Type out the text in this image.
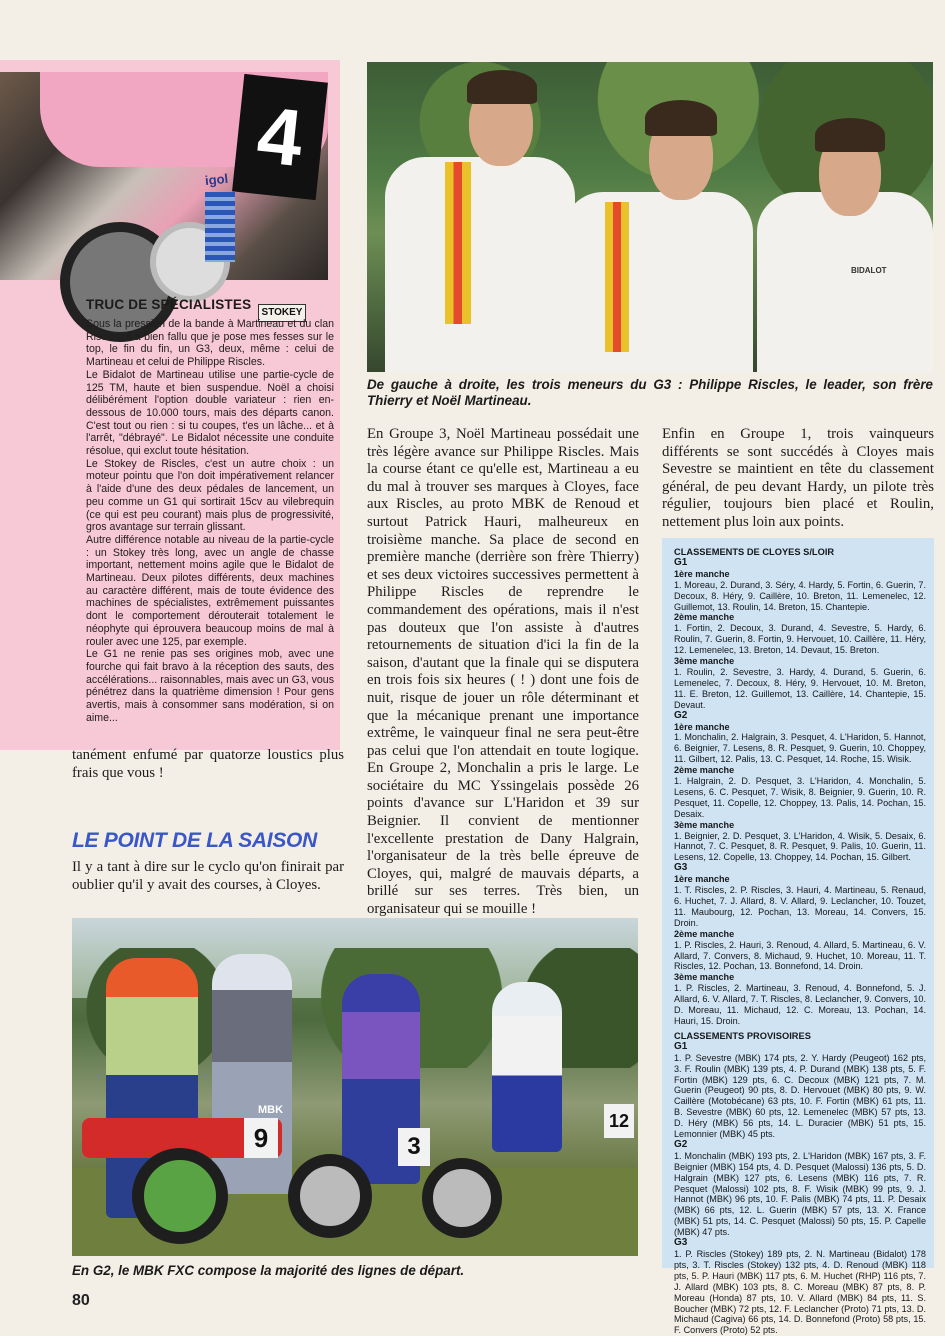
4
igol
STOKEY
TRUC DE SPÉCIALISTES

Sous la pression de la bande à Martineau et du clan Riscles, il a bien fallu que je pose mes fesses sur le top, le fin du fin, un G3, deux, même : celui de Martineau et celui de Philippe Riscles.

Le Bidalot de Martineau utilise une partie-cycle de 125 TM, haute et bien suspendue. Noël a choisi délibérément l'option double variateur : rien en-dessous de 10.000 tours, mais des départs canon. C'est tout ou rien : si tu coupes, t'es un lâche... et à l'arrêt, "débrayé". Le Bidalot nécessite une conduite résolue, qui exclut toute hésitation.

Le Stokey de Riscles, c'est un autre choix : un moteur pointu que l'on doit impérativement relancer à l'aide d'une des deux pédales de lancement, un peu comme un G1 qui sortirait 15cv au vilebrequin (ce qui est peu courant) mais plus de progressivité, gros avantage sur terrain glissant.

Autre différence notable au niveau de la partie-cycle : un Stokey très long, avec un angle de chasse important, nettement moins agile que le Bidalot de Martineau. Deux pilotes différents, deux machines au caractère différent, mais de toute évidence des machines de spécialistes, extrêmement puissantes dont le comportement dérouterait totalement le néophyte qui éprouvera beaucoup moins de mal à rouler avec une 125, par exemple.

Le G1 ne renie pas ses origines mob, avec une fourche qui fait bravo à la réception des sauts, des accélérations... raisonnables, mais avec un G3, vous pénétrez dans la quatrième dimension ! Pour gens avertis, mais à consommer sans modération, si on aime...

BIDALOT
De gauche à droite, les trois meneurs du G3 : Philippe Riscles, le leader, son frère Thierry et Noël Martineau.
tanément enfumé par quatorze loustics plus frais que vous !
LE POINT DE LA SAISON
Il y a tant à dire sur le cyclo qu'on finirait par oublier qu'il y avait des courses, à Cloyes.
En Groupe 3, Noël Martineau possédait une très légère avance sur Philippe Riscles. Mais la course étant ce qu'elle est, Martineau a eu du mal à trouver ses marques à Cloyes, face aux Riscles, au proto MBK de Renoud et surtout Patrick Hauri, malheureux en troisième manche. Sa place de second en première manche (derrière son frère Thierry) et ses deux victoires successives permettent à Philippe Riscles de reprendre le commandement des opérations, mais il n'est pas douteux que l'on assiste à d'autres retournements de situation d'ici la fin de la saison, d'autant que la finale qui se disputera en trois fois six heures ( ! ) dont une fois de nuit, risque de jouer un rôle déterminant et que la mécanique prenant une importance extrême, le vainqueur final ne sera peut-être pas celui que l'on attendait en toute logique. En Groupe 2, Monchalin a pris le large. Le sociétaire du MC Yssingelais possède 26 points d'avance sur L'Haridon et 39 sur Beignier. Il convient de mentionner l'excellente prestation de Dany Halgrain, l'organisateur de la très belle épreuve de Cloyes, qui, malgré de mauvais départs, a brillé sur ses terres. Très bien, un organisateur qui se mouille !
Enfin en Groupe 1, trois vainqueurs différents se sont succédés à Cloyes mais Sevestre se maintient en tête du classement général, de peu devant Hardy, un pilote très régulier, toujours bien placé et Roulin, nettement plus loin aux points.
CLASSEMENTS DE CLOYES S/LOIR
G1
1ère manche
1. Moreau, 2. Durand, 3. Séry, 4. Hardy, 5. Fortin, 6. Guerin, 7. Decoux, 8. Héry, 9. Caillère, 10. Breton, 11. Lemenelec, 12. Guillemot, 13. Roulin, 14. Breton, 15. Chantepie.
2ème manche
1. Fortin, 2. Decoux, 3. Durand, 4. Sevestre, 5. Hardy, 6. Roulin, 7. Guerin, 8. Fortin, 9. Hervouet, 10. Caillère, 11. Héry, 12. Lemenelec, 13. Breton, 14. Devaut, 15. Breton.
3ème manche
1. Roulin, 2. Sevestre, 3. Hardy, 4. Durand, 5. Guerin, 6. Lemenelec, 7. Decoux, 8. Héry, 9. Hervouet, 10. M. Breton, 11. E. Breton, 12. Guillemot, 13. Caillère, 14. Chantepie, 15. Devaut.
G2
1ère manche
1. Monchalin, 2. Halgrain, 3. Pesquet, 4. L'Haridon, 5. Hannot, 6. Beignier, 7. Lesens, 8. R. Pesquet, 9. Guerin, 10. Choppey, 11. Gilbert, 12. Palis, 13. C. Pesquet, 14. Roche, 15. Wisik.
2ème manche
1. Halgrain, 2. D. Pesquet, 3. L'Haridon, 4. Monchalin, 5. Lesens, 6. C. Pesquet, 7. Wisik, 8. Beignier, 9. Guerin, 10. R. Pesquet, 11. Copelle, 12. Choppey, 13. Palis, 14. Pochan, 15. Desaix.
3ème manche
1. Beignier, 2. D. Pesquet, 3. L'Haridon, 4. Wisik, 5. Desaix, 6. Hannot, 7. C. Pesquet, 8. R. Pesquet, 9. Palis, 10. Guerin, 11. Lesens, 12. Copelle, 13. Choppey, 14. Pochan, 15. Gilbert.
G3
1ère manche
1. T. Riscles, 2. P. Riscles, 3. Hauri, 4. Martineau, 5. Renaud, 6. Huchet, 7. J. Allard, 8. V. Allard, 9. Leclancher, 10. Touzet, 11. Maubourg, 12. Pochan, 13. Moreau, 14. Convers, 15. Droin.
2ème manche
1. P. Riscles, 2. Hauri, 3. Renoud, 4. Allard, 5. Martineau, 6. V. Allard, 7. Convers, 8. Michaud, 9. Huchet, 10. Moreau, 11. T. Riscles, 12. Pochan, 13. Bonnefond, 14. Droin.
3ème manche
1. P. Riscles, 2. Martineau, 3. Renoud, 4. Bonnefond, 5. J. Allard, 6. V. Allard, 7. T. Riscles, 8. Leclancher, 9. Convers, 10. D. Moreau, 11. Michaud, 12. C. Moreau, 13. Pochan, 14. Hauri, 15. Droin.
CLASSEMENTS PROVISOIRES
G1
1. P. Sevestre (MBK) 174 pts, 2. Y. Hardy (Peugeot) 162 pts, 3. F. Roulin (MBK) 139 pts, 4. P. Durand (MBK) 138 pts, 5. F. Fortin (MBK) 129 pts, 6. C. Decoux (MBK) 121 pts, 7. M. Guerin (Peugeot) 90 pts, 8. D. Hervouet (MBK) 80 pts, 9. W. Caillère (Motobécane) 63 pts, 10. F. Fortin (MBK) 61 pts, 11. B. Sevestre (MBK) 60 pts, 12. Lemenelec (MBK) 57 pts, 13. D. Héry (MBK) 56 pts, 14. L. Duracier (MBK) 51 pts, 15. Lemonnier (MBK) 45 pts.
G2
1. Monchalin (MBK) 193 pts, 2. L'Haridon (MBK) 167 pts, 3. F. Beignier (MBK) 154 pts, 4. D. Pesquet (Malossi) 136 pts, 5. D. Halgrain (MBK) 127 pts, 6. Lesens (MBK) 116 pts, 7. R. Pesquet (Malossi) 102 pts, 8. F. Wisik (MBK) 99 pts, 9. J. Hannot (MBK) 96 pts, 10. F. Palis (MBK) 74 pts, 11. P. Desaix (MBK) 66 pts, 12. L. Guerin (MBK) 57 pts, 13. X. France (MBK) 51 pts, 14. C. Pesquet (Malossi) 50 pts, 15. P. Capelle (MBK) 47 pts.
G3
1. P. Riscles (Stokey) 189 pts, 2. N. Martineau (Bidalot) 178 pts, 3. T. Riscles (Stokey) 132 pts, 4. D. Renoud (MBK) 118 pts, 5. P. Hauri (MBK) 117 pts, 6. M. Huchet (RHP) 116 pts, 7. J. Allard (MBK) 103 pts, 8. C. Moreau (MBK) 87 pts, 8. P. Moreau (Honda) 87 pts, 10. V. Allard (MBK) 84 pts, 11. S. Boucher (MBK) 72 pts, 12. F. Leclancher (Proto) 71 pts, 13. D. Michaud (Cagiva) 66 pts, 14. D. Bonnefond (Proto) 58 pts, 15. F. Convers (Proto) 52 pts.
9	3
12
MBK
En G2, le MBK FXC compose la majorité des lignes de départ.
80
